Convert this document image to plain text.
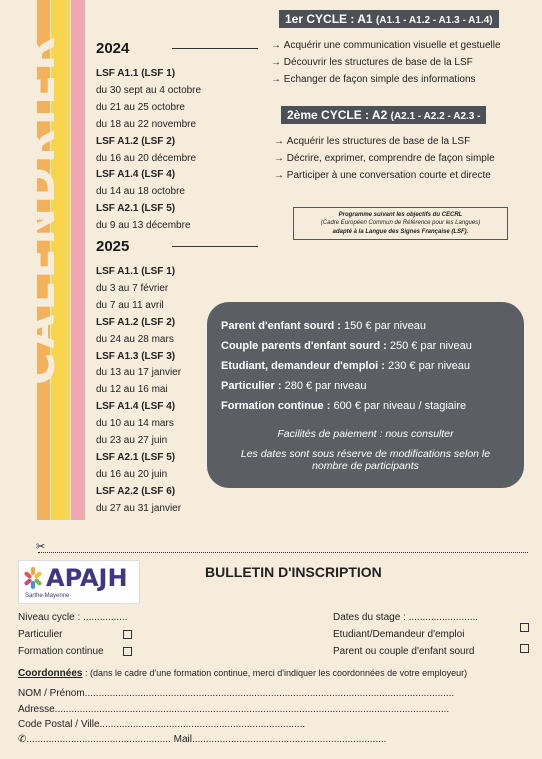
CALENDRIER 2024
LSF A1.1 (LSF 1)
du 30 sept au 4 octobre
du 21 au 25 octobre
du 18 au 22 novembre
LSF A1.2 (LSF 2)
du 16 au 20 décembre
LSF A1.4 (LSF 4)
du 14 au 18 octobre
LSF A2.1 (LSF 5)
du 9 au 13 décembre
2025
LSF A1.1 (LSF 1)
du 3 au 7 février
du 7 au 11 avril
LSF A1.2 (LSF 2)
du 24 au 28 mars
LSF A1.3 (LSF 3)
du 13 au 17 janvier
du 12 au 16 mai
LSF A1.4 (LSF 4)
du 10 au 14 mars
du 23 au 27 juin
LSF A2.1 (LSF 5)
du 16 au 20 juin
LSF A2.2 (LSF 6)
du 27 au 31 janvier
1er CYCLE : A1 (A1.1 - A1.2 - A1.3 - A1.4)
→ Acquérir une communication visuelle et gestuelle
→ Découvrir les structures de base de la LSF
→ Echanger de façon simple des informations
2ème CYCLE : A2 (A2.1 - A2.2 - A2.3 -
→ Acquérir les structures de base de la LSF
→ Décrire, exprimer, comprendre de façon simple
→ Participer à une conversation courte et directe
Programme suivant les objectifs du CECRL
(Cadre Européen Commun de Référence pour les Langues)
adapté à la Langue des Signes Française (LSF).
Parent d'enfant sourd : 150 € par niveau
Couple parents d'enfant sourd : 250 € par niveau
Etudiant, demandeur d'emploi : 230 € par niveau
Particulier : 280 € par niveau
Formation continue : 600 € par niveau / stagiaire
Facilités de paiement : nous consulter
Les dates sont sous réserve de modifications selon le nombre de participants
✂
APAJH
Sarthe-Mayenne
BULLETIN D'INSCRIPTION
Niveau cycle : ................	Dates du stage : .........................
Particulier	Etudiant/Demandeur d'emploi
Formation continue	Parent ou couple d'enfant sourd
Coordonnées : (dans le cadre d'une formation continue, merci d'indiquer les coordonnées de votre employeur)
NOM / Prénom.....................................................................................................................................
Adresse..............................................................................................................................................
Code Postal / Ville..........................................................................
✆.................................................... Mail......................................................................
